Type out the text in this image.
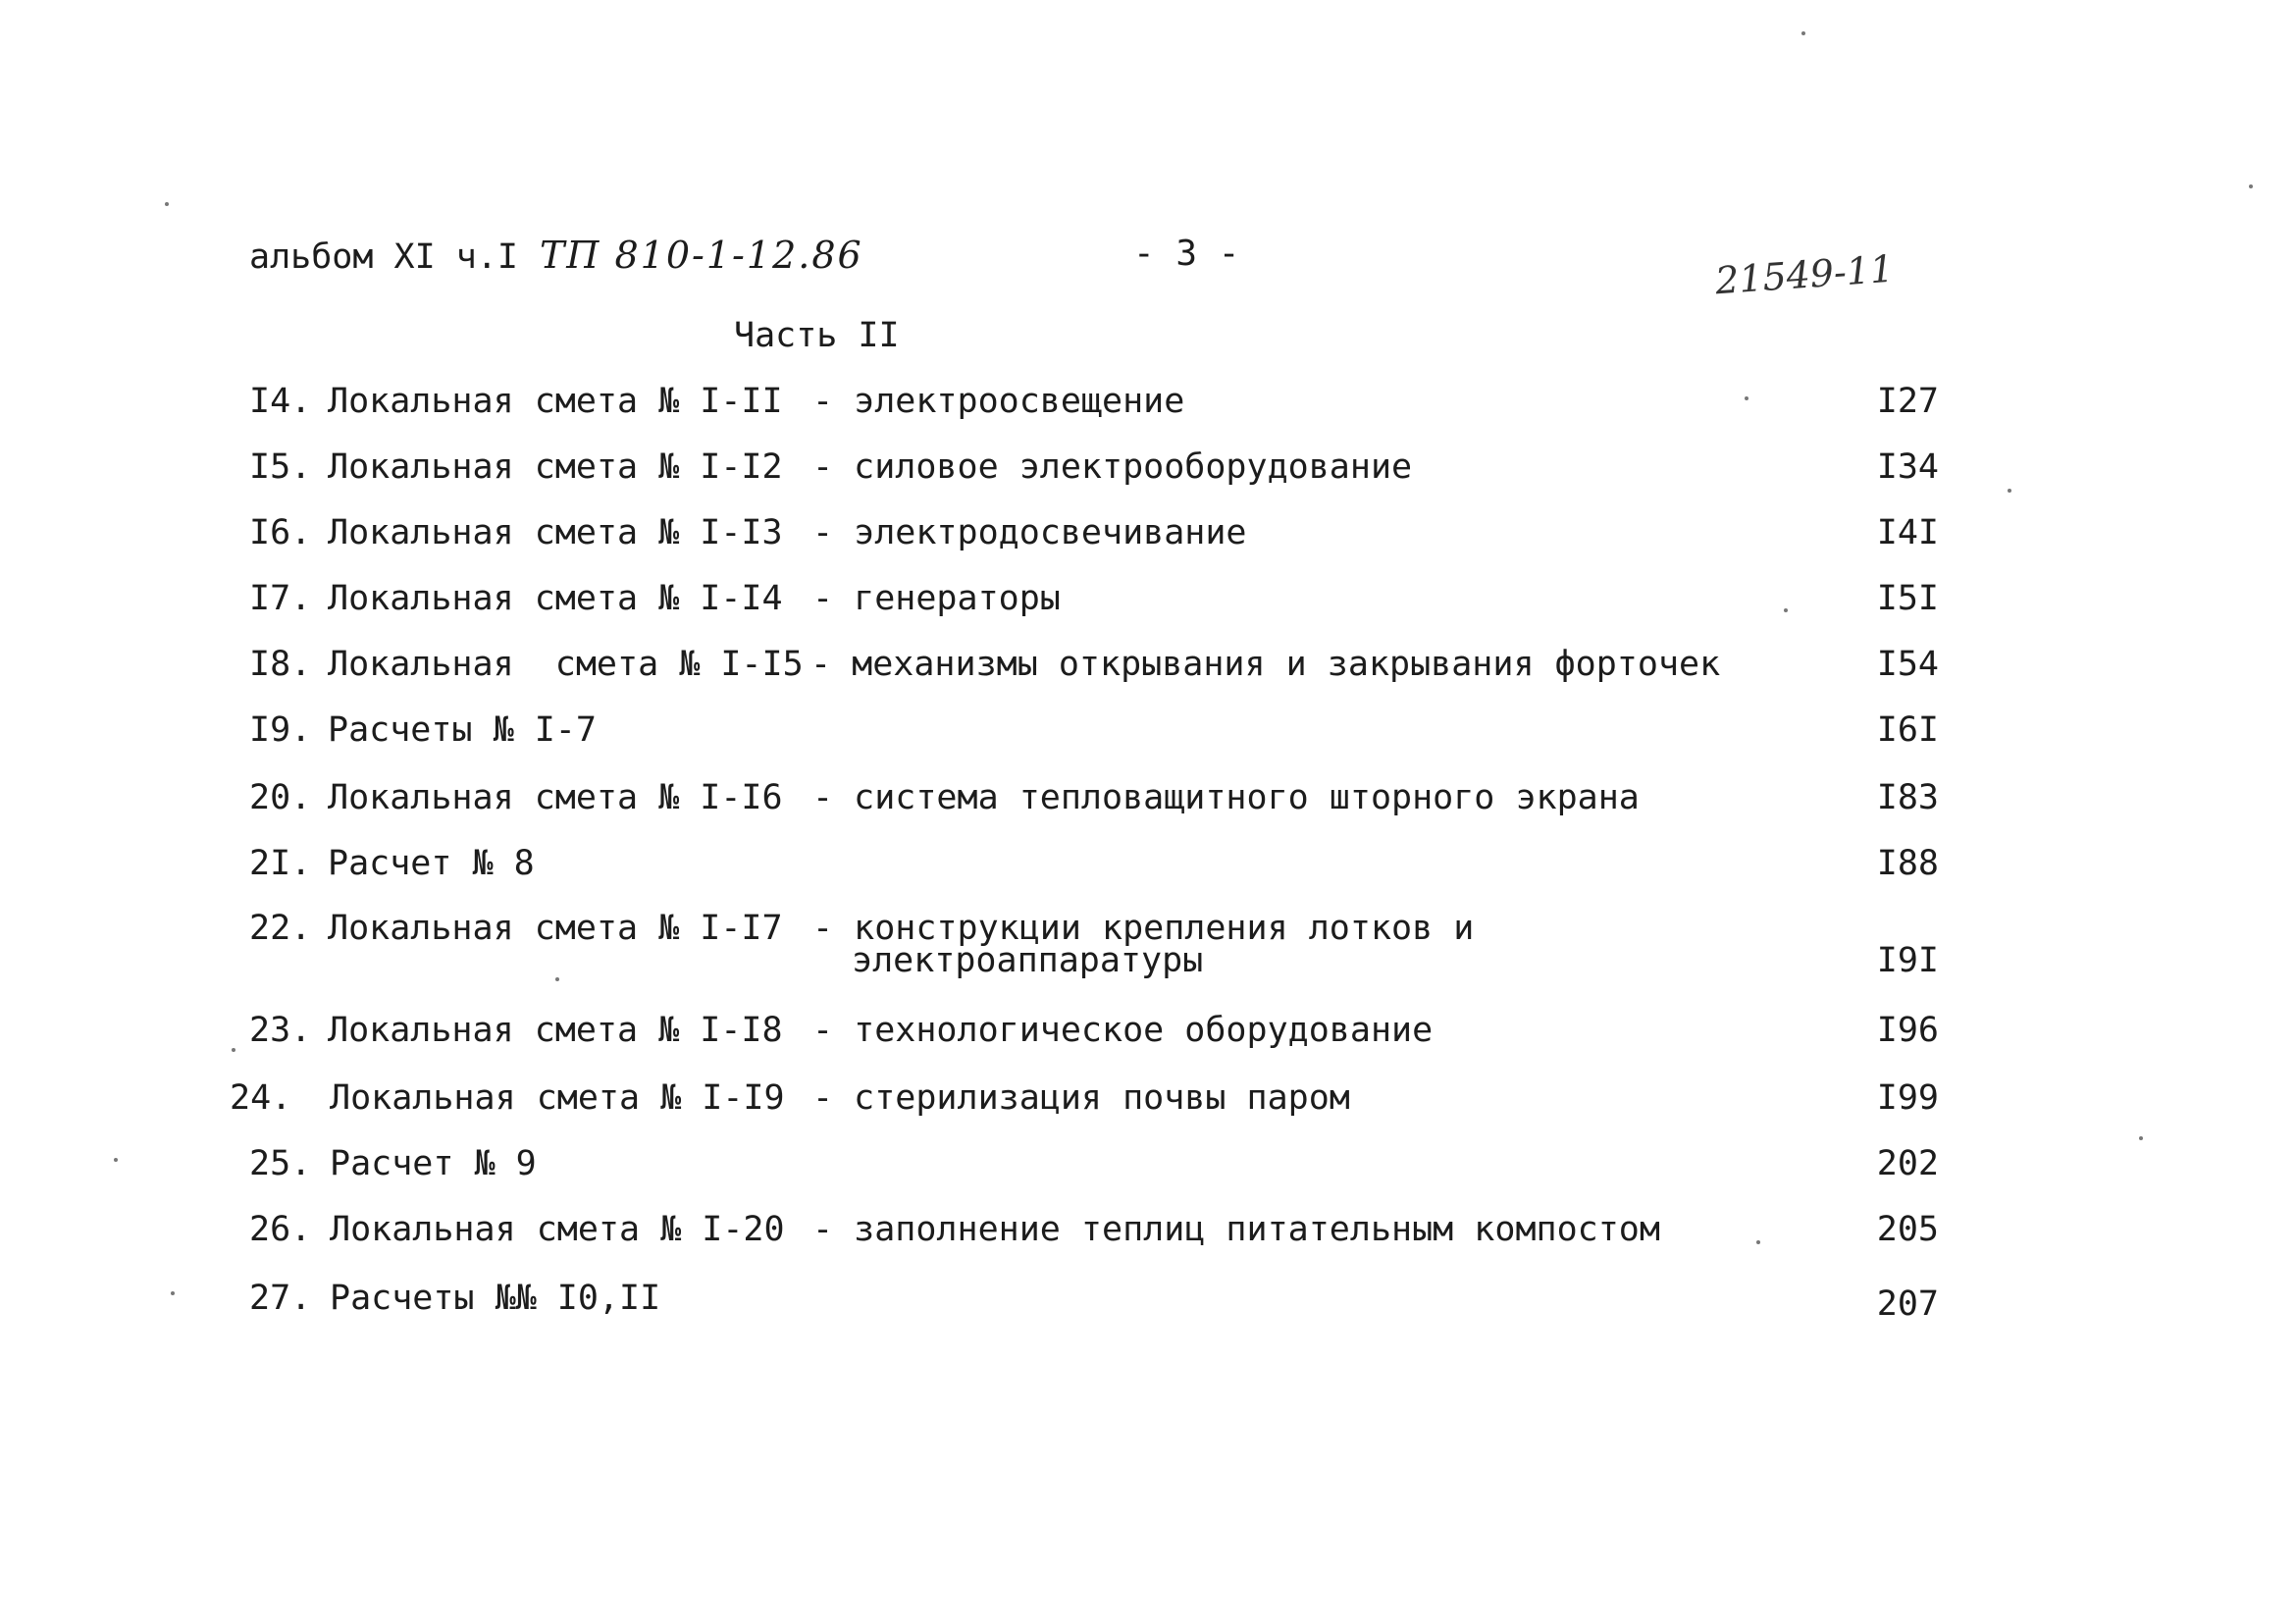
альбом XI ч.I ТП 810-1-12.86	- 3 -	21549-11
Часть II
I4. Локальная смета № I-II - электроосвещение	I27
I5. Локальная смета № I-I2 - силовое электрооборудование	I34
I6. Локальная смета № I-I3 - электродосвечивание	I4I
I7. Локальная смета № I-I4 - генераторы	I5I
I8. Локальная  смета № I-I5 - механизмы открывания и закрывания форточек	I54
I9. Расчеты № I-7	I6I
20. Локальная смета № I-I6 - система тепловащитного шторного экрана	I83
2I. Расчет № 8	I88
22. Локальная смета № I-I7 - конструкции крепления лотков и
электроаппаратуры	I9I
23. Локальная смета № I-I8 - технологическое оборудование	I96
24. Локальная смета № I-I9 - стерилизация почвы паром	I99
25. Расчет № 9	202
26. Локальная смета № I-20 - заполнение теплиц питательным компостом	205
27. Расчеты №№ I0,II	207
